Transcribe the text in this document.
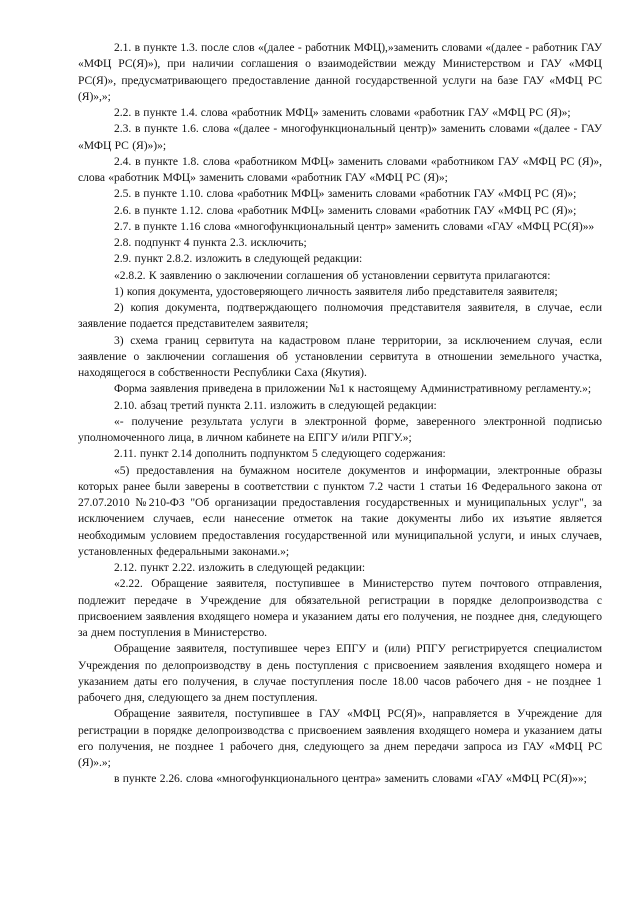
2.1. в пункте 1.3. после слов «(далее - работник МФЦ),»заменить словами «(далее - работник ГАУ «МФЦ РС(Я)»), при наличии соглашения о взаимодействии между Министерством и ГАУ «МФЦ РС(Я)», предусматривающего предоставление данной государственной услуги на базе ГАУ «МФЦ РС (Я)»,»;

2.2. в пункте 1.4. слова «работник МФЦ» заменить словами «работник ГАУ «МФЦ РС (Я)»;

2.3. в пункте 1.6. слова «(далее - многофункциональный центр)» заменить словами «(далее - ГАУ «МФЦ РС (Я)»)»;

2.4. в пункте 1.8. слова «работником МФЦ» заменить словами «работником ГАУ «МФЦ РС (Я)», слова «работник МФЦ» заменить словами «работник ГАУ «МФЦ РС (Я)»;

2.5. в пункте 1.10. слова «работник МФЦ» заменить словами «работник ГАУ «МФЦ РС (Я)»;

2.6. в пункте 1.12. слова «работник МФЦ» заменить словами «работник ГАУ «МФЦ РС (Я)»;

2.7. в пункте 1.16 слова «многофункциональный центр» заменить словами «ГАУ «МФЦ РС(Я)»»

2.8. подпункт 4 пункта 2.3. исключить;

2.9. пункт 2.8.2. изложить в следующей редакции:

«2.8.2. К заявлению о заключении соглашения об установлении сервитута прилагаются:

1) копия документа, удостоверяющего личность заявителя либо представителя заявителя;

2) копия документа, подтверждающего полномочия представителя заявителя, в случае, если заявление подается представителем заявителя;

3) схема границ сервитута на кадастровом плане территории, за исключением случая, если заявление о заключении соглашения об установлении сервитута в отношении земельного участка, находящегося в собственности Республики Саха (Якутия).

Форма заявления приведена в приложении №1 к настоящему Административному регламенту.»;

2.10. абзац третий пункта 2.11. изложить в следующей редакции:

«- получение результата услуги в электронной форме, заверенного электронной подписью уполномоченного лица, в личном кабинете на ЕПГУ и/или РПГУ.»;

2.11. пункт 2.14 дополнить подпунктом 5 следующего содержания:

«5) предоставления на бумажном носителе документов и информации, электронные образы которых ранее были заверены в соответствии с пунктом 7.2 части 1 статьи 16 Федерального закона от 27.07.2010 №210-ФЗ "Об организации предоставления государственных и муниципальных услуг", за исключением случаев, если нанесение отметок на такие документы либо их изъятие является необходимым условием предоставления государственной или муниципальной услуги, и иных случаев, установленных федеральными законами.»;

2.12. пункт 2.22. изложить в следующей редакции:

«2.22. Обращение заявителя, поступившее в Министерство путем почтового отправления, подлежит передаче в Учреждение для обязательной регистрации в порядке делопроизводства с присвоением заявления входящего номера и указанием даты его получения, не позднее дня, следующего за днем поступления в Министерство.

Обращение заявителя, поступившее через ЕПГУ и (или) РПГУ регистрируется специалистом Учреждения по делопроизводству в день поступления с присвоением заявления входящего номера и указанием даты его получения, в случае поступления после 18.00 часов рабочего дня - не позднее 1 рабочего дня, следующего за днем поступления.

Обращение заявителя, поступившее в ГАУ «МФЦ РС(Я)», направляется в Учреждение для регистрации в порядке делопроизводства с присвоением заявления входящего номера и указанием даты его получения, не позднее 1 рабочего дня, следующего за днем передачи запроса из ГАУ «МФЦ РС (Я)».»;

в пункте 2.26. слова «многофункционального центра» заменить словами «ГАУ «МФЦ РС(Я)»»;
